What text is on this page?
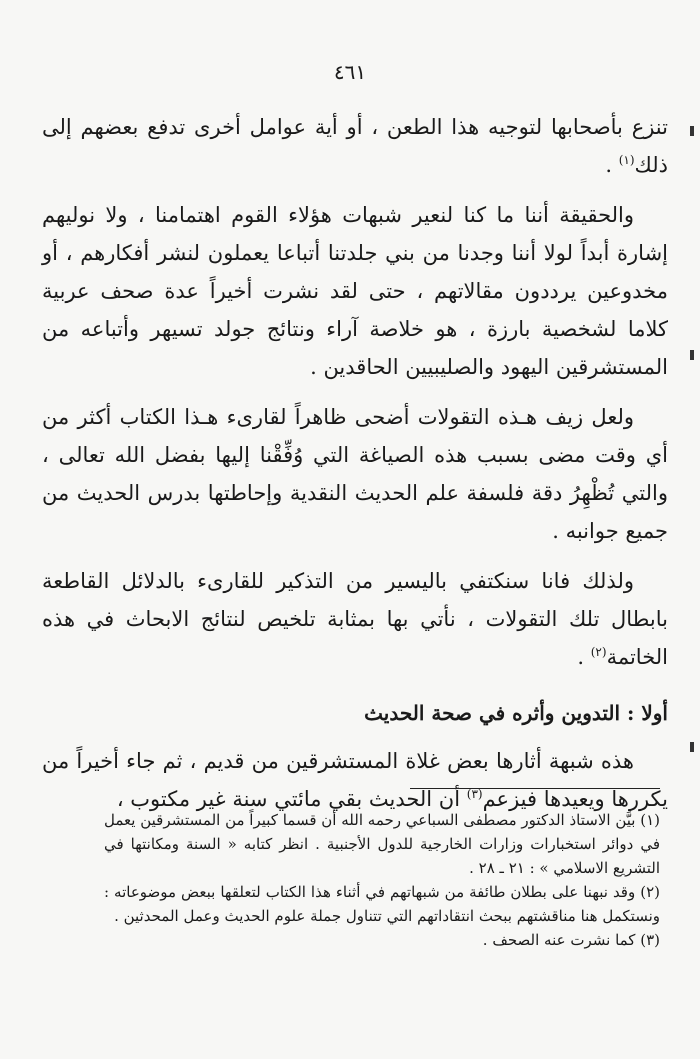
٤٦١

تنزع بأصحابها لتوجيه هذا الطعن ، أو أية عوامل أخرى تدفع بعضهم إلى ذلك$^{(١)}$ .

والحقيقة أننا ما كنا لنعير شبهات هؤلاء القوم اهتمامنا ، ولا نوليهم إشارة أبداً لولا أننا وجدنا من بني جلدتنا أتباعا يعملون لنشر أفكارهم ، أو مخدوعين يرددون مقالاتهم ، حتى لقد نشرت أخيراً عدة صحف عربية كلاما لشخصية بارزة ، هو خلاصة آراء ونتائج جولد تسيهر وأتباعه من المستشرقين اليهود والصليبيين الحاقدين .

ولعل زيف هـذه التقولات أضحى ظاهراً لقارىء هـذا الكتاب أكثر من أي وقت مضى بسبب هذه الصياغة التي وُفِّقْنا إليها بفضل الله تعالى ، والتي تُظْهِرُ دقة فلسفة علم الحديث النقدية وإحاطتها بدرس الحديث من جميع جوانبه .

ولذلك فانا سنكتفي باليسير من التذكير للقارىء بالدلائل القاطعة بابطال تلك التقولات ، نأتي بها بمثابة تلخيص لنتائج الابحاث في هذه الخاتمة$^{(٢)}$ .

أولا : التدوين وأثره في صحة الحديث

هذه شبهة أثارها بعض غلاة المستشرقين من قديم ، ثم جاء أخيراً من يكررها ويعيدها فيزعم$^{(٣)}$ أن الحديث بقي مائتي سنة غير مكتوب ،

(١) بيَّن الاستاذ الدكتور مصطفى السباعي رحمه الله أن قسما كبيراً من المستشرقين يعمل في دوائر استخبارات وزارات الخارجية للدول الأجنبية . انظر كتابه « السنة ومكانتها في التشريع الاسلامي » : ٢١ ـ ٢٨ .

(٢) وقد نبهنا على بطلان طائفة من شبهاتهم في أثناء هذا الكتاب لتعلقها ببعض موضوعاته : ونستكمل هنا مناقشتهم ببحث انتقاداتهم التي تتناول جملة علوم الحديث وعمل المحدثين .

(٣) كما نشرت عنه الصحف .
